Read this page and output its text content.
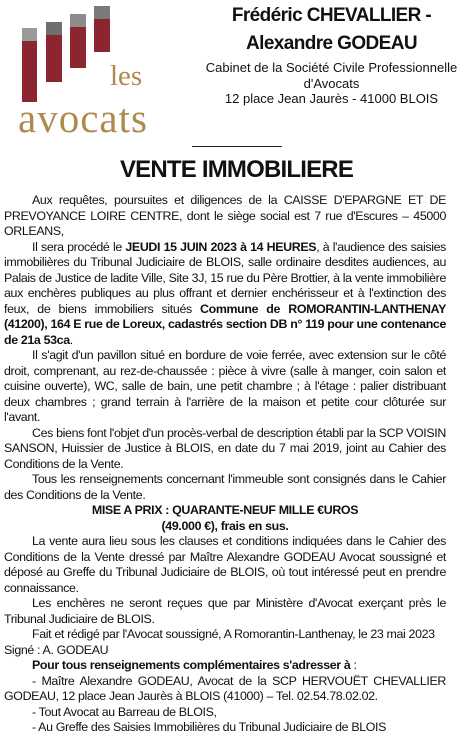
les
avocats
Frédéric CHEVALLIER -
Alexandre GODEAU
Cabinet de la Société Civile Professionnelle
d'Avocats
12 place Jean Jaurès - 41000 BLOIS
VENTE IMMOBILIERE

Aux requêtes, poursuites et diligences de la CAISSE D'EPARGNE ET DE PREVOYANCE LOIRE CENTRE, dont le siège social est 7 rue d'Escures – 45000 ORLEANS,

Il sera procédé le JEUDI 15 JUIN 2023 à 14 HEURES, à l'audience des saisies immobilières du Tribunal Judiciaire de BLOIS, salle ordinaire desdites audiences, au Palais de Justice de ladite Ville, Site 3J, 15 rue du Père Brottier, à la vente immobilière aux enchères publiques au plus offrant et dernier enchérisseur et à l'extinction des feux, de biens immobiliers situés Commune de ROMORANTIN-LANTHENAY (41200), 164 E rue de Loreux, cadastrés section DB n° 119 pour une contenance de 21a 53ca.

Il s'agit d'un pavillon situé en bordure de voie ferrée, avec extension sur le côté droit, comprenant, au rez-de-chaussée : pièce à vivre (salle à manger, coin salon et cuisine ouverte), WC, salle de bain, une petit chambre ; à l'étage : palier distribuant deux chambres ; grand terrain à l'arrière de la maison et petite cour clôturée sur l'avant.

Ces biens font l'objet d'un procès-verbal de description établi par la SCP VOISIN SANSON, Huissier de Justice à BLOIS, en date du 7 mai 2019, joint au Cahier des Conditions de la Vente.

Tous les renseignements concernant l'immeuble sont consignés dans le Cahier des Conditions de la Vente.

MISE A PRIX : QUARANTE-NEUF MILLE €UROS

(49.000 €), frais en sus.

La vente aura lieu sous les clauses et conditions indiquées dans le Cahier des Conditions de la Vente dressé par Maître Alexandre GODEAU Avocat soussigné et déposé au Greffe du Tribunal Judiciaire de BLOIS, où tout intéressé peut en prendre connaissance.

Les enchères ne seront reçues que par Ministère d'Avocat exerçant près le Tribunal Judiciaire de BLOIS.

Fait et rédigé par l'Avocat soussigné, A Romorantin-Lanthenay, le 23 mai 2023

Signé : A. GODEAU

Pour tous renseignements complémentaires s'adresser à :

- Maître Alexandre GODEAU, Avocat de la SCP HERVOUËT CHEVALLIER GODEAU, 12 place Jean Jaurès à BLOIS (41000) – Tel. 02.54.78.02.02.

- Tout Avocat au Barreau de BLOIS,

- Au Greffe des Saisies Immobilières du Tribunal Judiciaire de BLOIS
